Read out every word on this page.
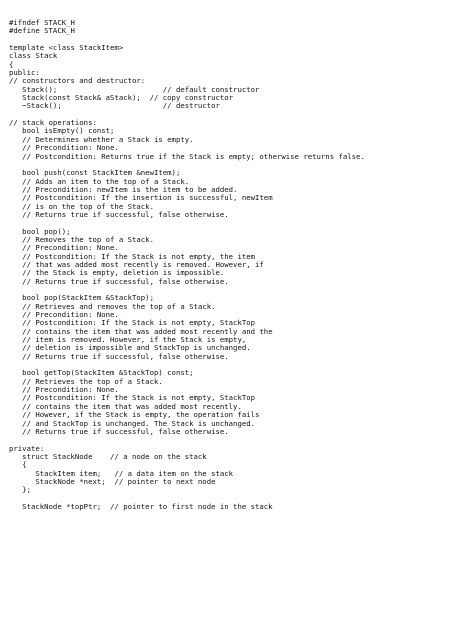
#ifndef STACK_H
#define STACK_H
template <class StackItem>
class Stack
{
public:
// constructors and destructor:
Stack();                        // default constructor
Stack(const Stack& aStack);  // copy constructor
~Stack();                       // destructor
// stack operations:
bool isEmpty() const;
// Determines whether a Stack is empty.
// Precondition: None.
// Postcondition: Returns true if the Stack is empty; otherwise returns false.
bool push(const StackItem &newItem);
// Adds an item to the top of a Stack.
// Precondition: newItem is the item to be added.
// Postcondition: If the insertion is successful, newItem
// is on the top of the Stack.
// Returns true if successful, false otherwise.
bool pop();
// Removes the top of a Stack.
// Precondition: None.
// Postcondition: If the Stack is not empty, the item
// that was added most recently is removed. However, if
// the Stack is empty, deletion is impossible.
// Returns true if successful, false otherwise.
bool pop(StackItem &StackTop);
// Retrieves and removes the top of a Stack.
// Precondition: None.
// Postcondition: If the Stack is not empty, StackTop
// contains the item that was added most recently and the
// item is removed. However, if the Stack is empty,
// deletion is impossible and StackTop is unchanged.
// Returns true if successful, false otherwise.
bool getTop(StackItem &StackTop) const;
// Retrieves the top of a Stack.
// Precondition: None.
// Postcondition: If the Stack is not empty, StackTop
// contains the item that was added most recently.
// However, if the Stack is empty, the operation fails
// and StackTop is unchanged. The Stack is unchanged.
// Returns true if successful, false otherwise.
private:
struct StackNode    // a node on the stack
{
StackItem item;   // a data item on the stack
StackNode *next;  // pointer to next node
};
StackNode *topPtr;  // pointer to first node in the stack
